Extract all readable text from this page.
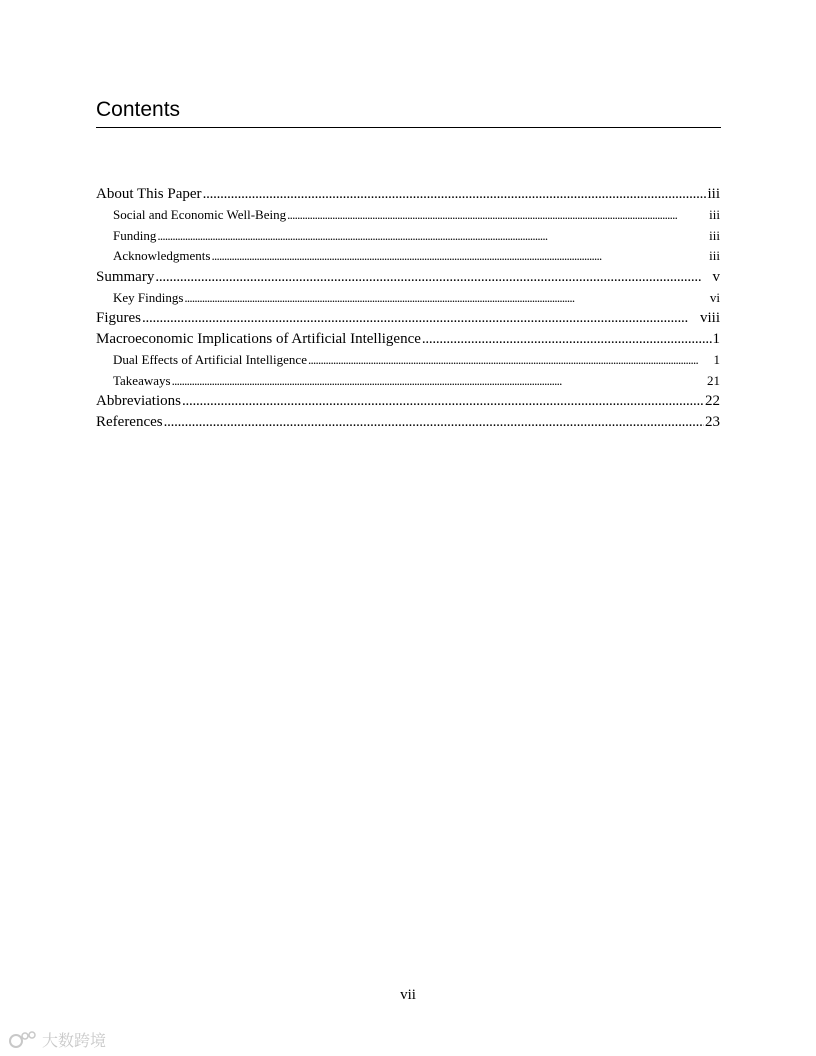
Contents
About This Paper . . .	iii
Social and Economic Well-Being . . .	iii
Funding . . .	iii
Acknowledgments . . .	iii
Summary . . .	v
Key Findings . . .	vi
Figures . . .	viii
Macroeconomic Implications of Artificial Intelligence . . .	1
Dual Effects of Artificial Intelligence . . .	1
Takeaways . . .	21
Abbreviations . . .	22
References . . .	23
vii
大数跨境
